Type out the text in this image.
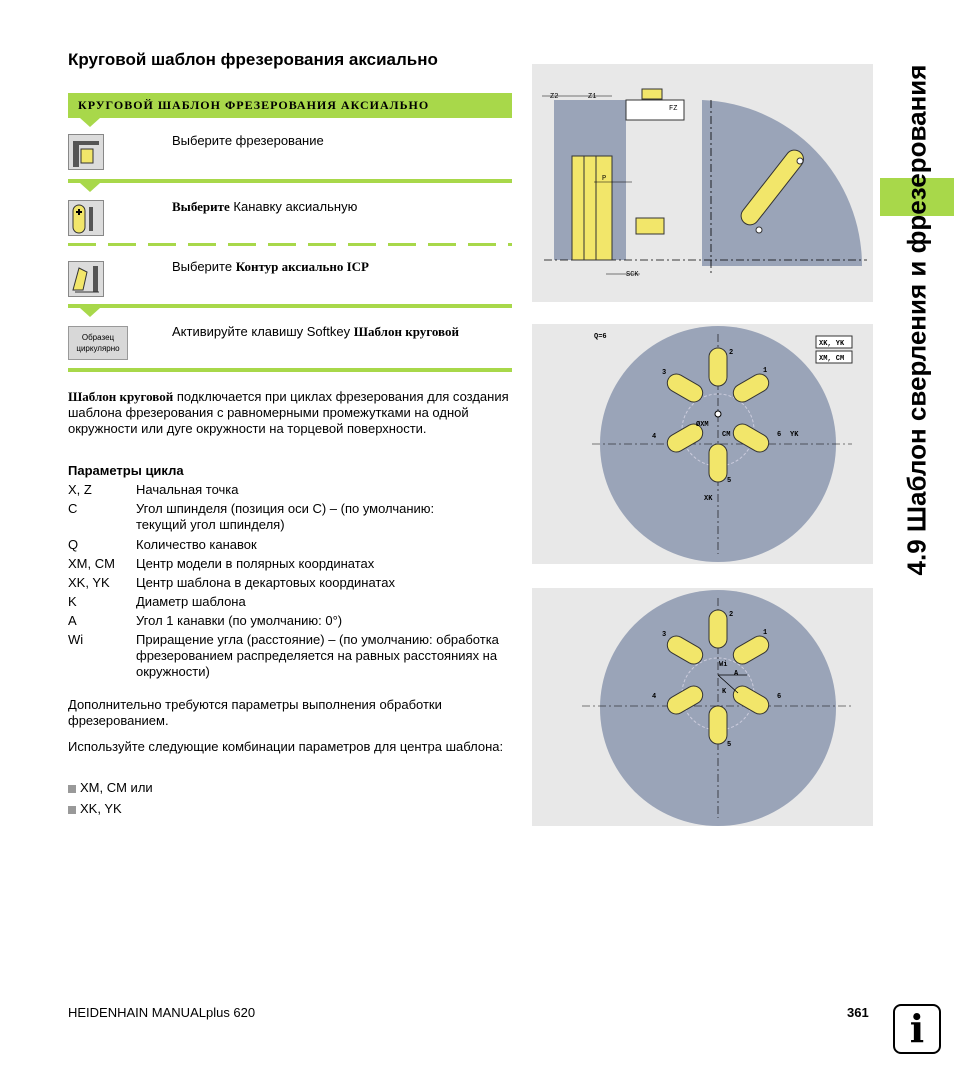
Круговой шаблон фрезерования аксиально
КРУГОВОЙ ШАБЛОН ФРЕЗЕРОВАНИЯ АКСИАЛЬНО
Выберите фрезерование
Выберите Канавку аксиальную
Выберите Контур аксиально ICP
Образец
циркулярно
Активируйте клавишу Softkey Шаблон круговой
Шаблон круговой подключается при циклах фрезерования для создания шаблона фрезерования с равномерными промежутками на одной окружности или дуге окружности на торцевой поверхности.
Параметры цикла
X, Z	Начальная точка
C	Угол шпинделя (позиция оси C) – (по умолчанию: текущий угол шпинделя)
Q	Количество канавок
XM, CM Центр модели в полярных координатах
XK, YK Центр шаблона в декартовых координатах
K	Диаметр шаблона
A	Угол 1 канавки (по умолчанию: 0°)
Wi	Приращение угла (расстояние) – (по умолчанию: обработка фрезерованием распределяется на равных расстояниях на окружности)
Дополнительно требуются параметры выполнения обработки фрезерованием.
Используйте следующие комбинации параметров для центра шаблона:
XM, CM или
XK, YK
Z2	Z1
P
SCK
FZ
Q=6
XK, YK
XM, CM
ØXM
CM	YK
XK
1
2
3
4
5
6
Wi
A
K
1
2
3
4
5
6
4.9 Шаблон сверления и фрезерования
HEIDENHAIN MANUALplus 620	361	i
